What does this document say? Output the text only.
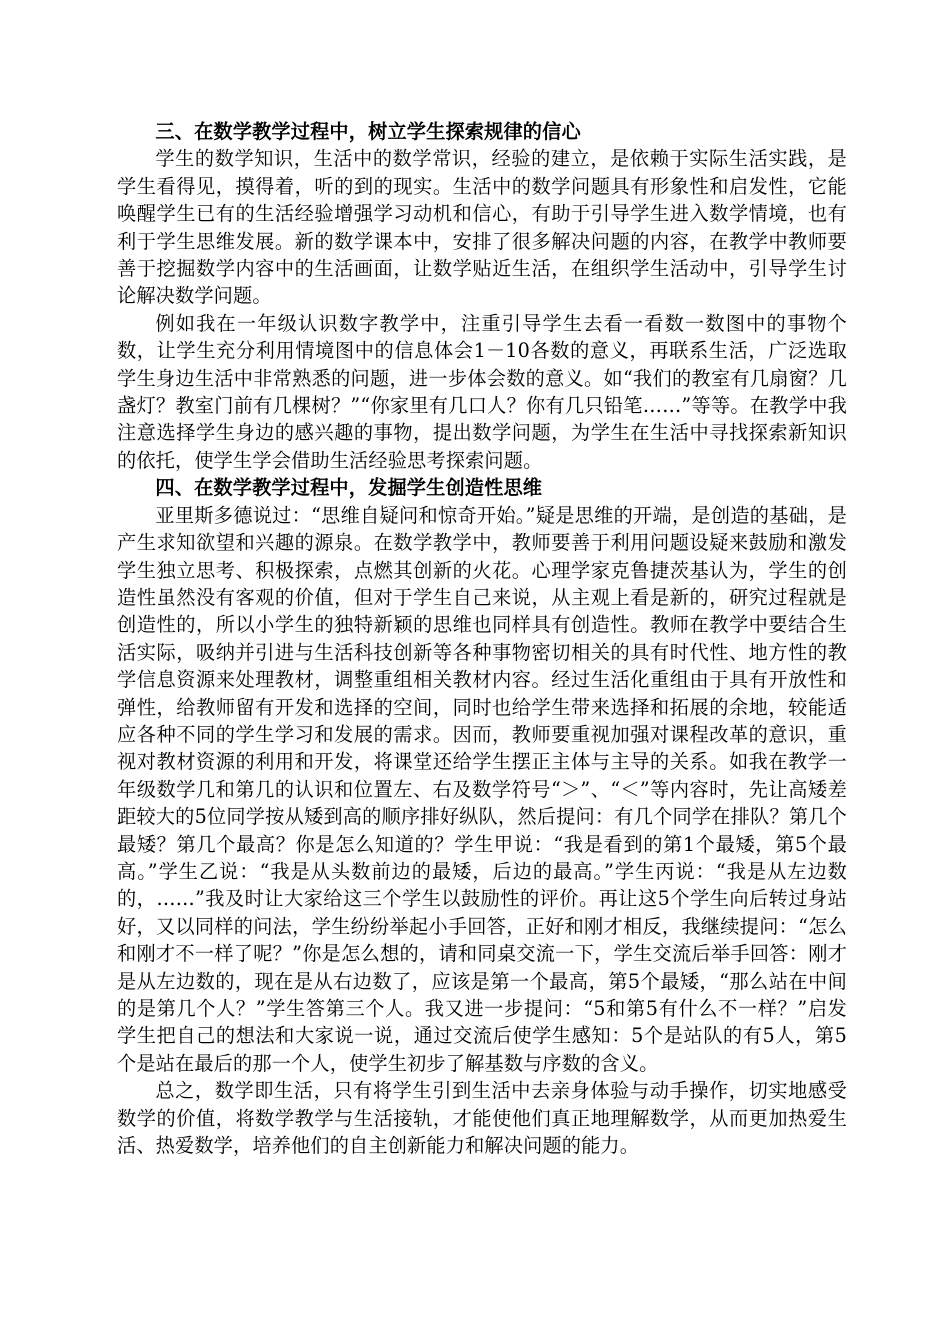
三、在数学教学过程中，树立学生探索规律的信心

学生的数学知识，生活中的数学常识，经验的建立，是依赖于实际生活实践，是学生看得见，摸得着，听的到的现实。生活中的数学问题具有形象性和启发性，它能唤醒学生已有的生活经验增强学习动机和信心，有助于引导学生进入数学情境，也有利于学生思维发展。新的数学课本中，安排了很多解决问题的内容，在教学中教师要善于挖掘数学内容中的生活画面，让数学贴近生活，在组织学生活动中，引导学生讨论解决数学问题。

例如我在一年级认识数字教学中，注重引导学生去看一看数一数图中的事物个数，让学生充分利用情境图中的信息体会1－10各数的意义，再联系生活，广泛选取学生身边生活中非常熟悉的问题，进一步体会数的意义。如“我们的教室有几扇窗？几盏灯？教室门前有几棵树？”“你家里有几口人？你有几只铅笔……”等等。在教学中我注意选择学生身边的感兴趣的事物，提出数学问题，为学生在生活中寻找探索新知识的依托，使学生学会借助生活经验思考探索问题。

四、在数学教学过程中，发掘学生创造性思维

亚里斯多德说过：“思维自疑问和惊奇开始。”疑是思维的开端，是创造的基础，是产生求知欲望和兴趣的源泉。在数学教学中，教师要善于利用问题设疑来鼓励和激发学生独立思考、积极探索，点燃其创新的火花。心理学家克鲁捷茨基认为，学生的创造性虽然没有客观的价值，但对于学生自己来说，从主观上看是新的，研究过程就是创造性的，所以小学生的独特新颖的思维也同样具有创造性。教师在教学中要结合生活实际，吸纳并引进与生活科技创新等各种事物密切相关的具有时代性、地方性的教学信息资源来处理教材，调整重组相关教材内容。经过生活化重组由于具有开放性和弹性，给教师留有开发和选择的空间，同时也给学生带来选择和拓展的余地，较能适应各种不同的学生学习和发展的需求。因而，教师要重视加强对课程改革的意识，重视对教材资源的利用和开发，将课堂还给学生摆正主体与主导的关系。如我在教学一年级数学几和第几的认识和位置左、右及数学符号“＞”、“＜”等内容时，先让高矮差距较大的5位同学按从矮到高的顺序排好纵队，然后提问：有几个同学在排队？第几个最矮？第几个最高？你是怎么知道的？学生甲说：“我是看到的第1个最矮，第5个最高。”学生乙说：“我是从头数前边的最矮，后边的最高。”学生丙说：“我是从左边数的，……”我及时让大家给这三个学生以鼓励性的评价。再让这5个学生向后转过身站好，又以同样的问法，学生纷纷举起小手回答，正好和刚才相反，我继续提问：“怎么和刚才不一样了呢？”你是怎么想的，请和同桌交流一下，学生交流后举手回答：刚才是从左边数的，现在是从右边数了，应该是第一个最高，第5个最矮，“那么站在中间的是第几个人？”学生答第三个人。我又进一步提问：“5和第5有什么不一样？”启发学生把自己的想法和大家说一说，通过交流后使学生感知：5个是站队的有5人，第5个是站在最后的那一个人，使学生初步了解基数与序数的含义。

总之，数学即生活，只有将学生引到生活中去亲身体验与动手操作，切实地感受数学的价值，将数学教学与生活接轨，才能使他们真正地理解数学，从而更加热爱生活、热爱数学，培养他们的自主创新能力和解决问题的能力。
